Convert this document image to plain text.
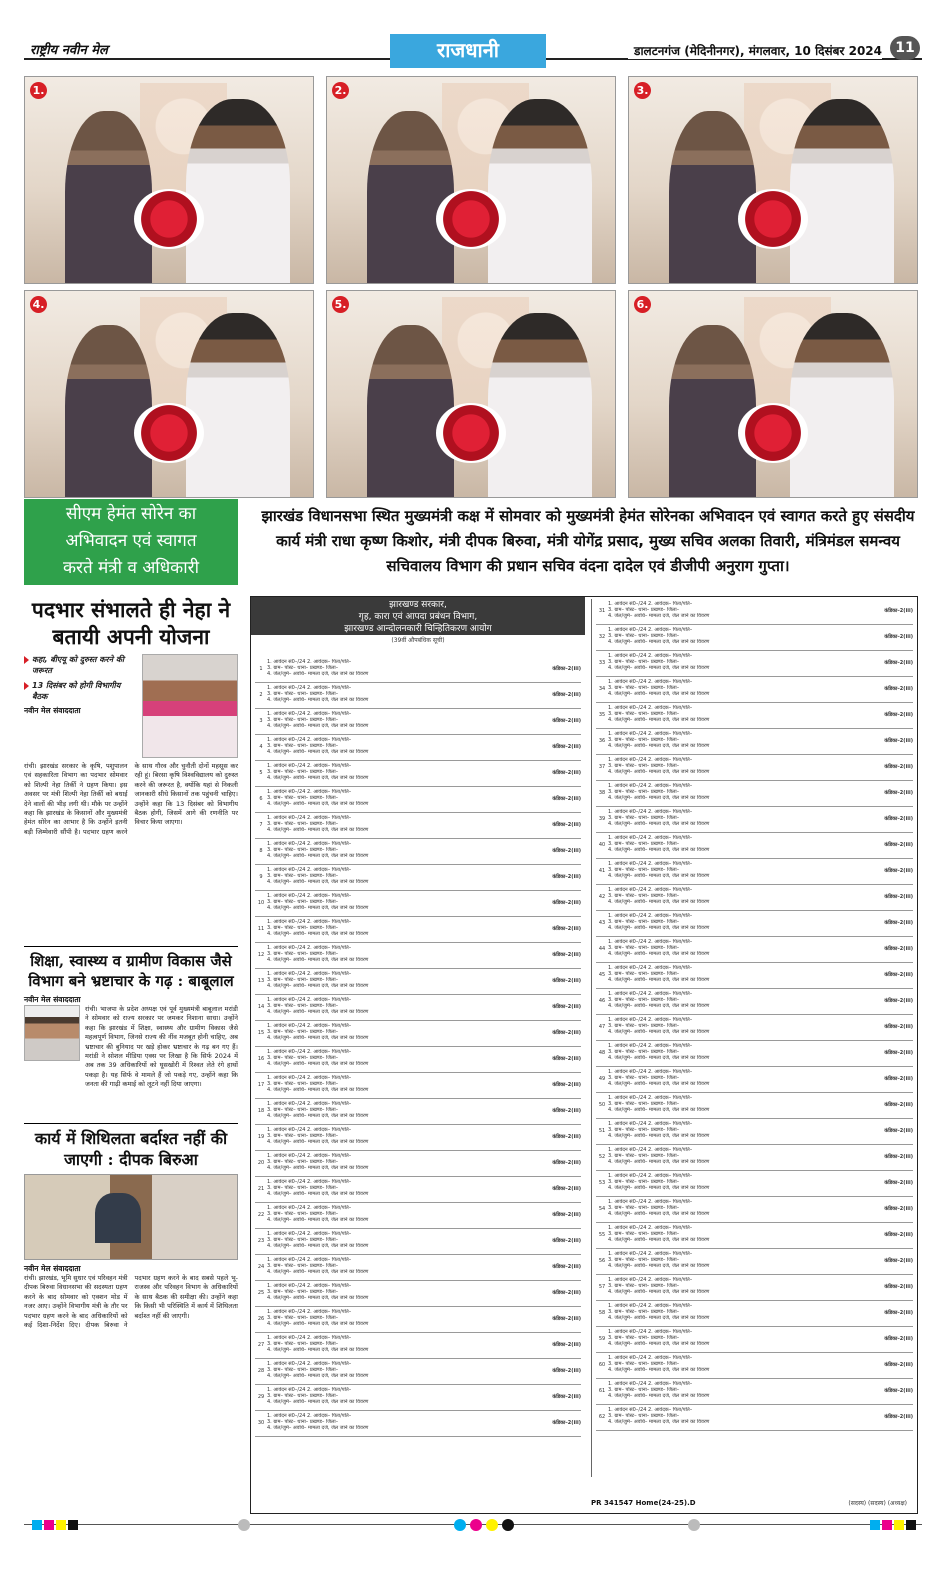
राष्ट्रीय नवीन मेल	राजधानी	डालटनगंज (मेदिनीनगर), मंगलवार, 10 दिसंबर 2024 11
1.	2.	3.
4.	5.	6.
सीएम हेमंत सोरेन का
अभिवादन एवं स्वागत
करते मंत्री व अधिकारी
झारखंड विधानसभा स्थित मुख्यमंत्री कक्ष में सोमवार को मुख्यमंत्री हेमंत सोरेनका अभिवादन एवं स्वागत करते हुए संसदीय कार्य मंत्री राधा कृष्ण किशोर, मंत्री दीपक बिरुवा, मंत्री योगेंद्र प्रसाद, मुख्य सचिव अलका तिवारी, मंत्रिमंडल समन्वय सचिवालय विभाग की प्रधान सचिव वंदना दादेल एवं डीजीपी अनुराग गुप्ता।
पदभार संभालते ही नेहा ने बतायी अपनी योजना
कहा, बीएयू को दुरुस्त करने की जरूरत
13 दिसंबर को होगी विभागीय बैठक
नवीन मेल संवाददाता
रांची। झारखंड सरकार के कृषि, पशुपालन एवं सहकारिता विभाग का पदभार सोमवार को शिल्पी नेहा तिर्की ने ग्रहण किया। इस अवसर पर मंत्री शिल्पी नेहा तिर्की को बधाई देने वालों की भीड़ लगी थी। मौके पर उन्होंने कहा कि झारखंड के किसानों और मुख्यमंत्री हेमंत सोरेन का आभार है कि उन्होंने इतनी बड़ी जिम्मेवारी सौंपी है। पदभार ग्रहण करने के साथ गौरव और चुनौती दोनों महसूस कर रही हूं। बिरसा कृषि विश्वविद्यालय को दुरुस्त करने की जरूरत है, क्योंकि यहां से निकली जानकारी सीधे किसानों तक पहुंचनी चाहिए। उन्होंने कहा कि 13 दिसंबर को विभागीय बैठक होगी, जिसमें आगे की रणनीति पर विचार किया जाएगा।
शिक्षा, स्वास्थ्य व ग्रामीण विकास जैसे विभाग बने भ्रष्टाचार के गढ़ : बाबूलाल
नवीन मेल संवाददाता
रांची। भाजपा के प्रदेश अध्यक्ष एवं पूर्व मुख्यमंत्री बाबूलाल मरांडी ने सोमवार को राज्य सरकार पर जमकर निशाना साधा। उन्होंने कहा कि झारखंड में शिक्षा, स्वास्थ्य और ग्रामीण विकास जैसे महत्वपूर्ण विभाग, जिनसे राज्य की नींव मजबूत होनी चाहिए, अब भ्रष्टाचार की बुनियाद पर खड़े होकर भ्रष्टाचार के गढ़ बन गए हैं। मरांडी ने सोशल मीडिया एक्स पर लिखा है कि सिर्फ 2024 में अब तक 39 अधिकारियों को घूसखोरी में रिश्वत लेते रंगे हाथों पकड़ा है। यह सिर्फ वे मामले हैं जो पकड़े गए, उन्होंने कहा कि जनता की गाढ़ी कमाई को लूटने नहीं दिया जाएगा।
कार्य में शिथिलता बर्दाश्त नहीं की जाएगी : दीपक बिरुआ
नवीन मेल संवाददाता
रांची। झारखंड, भूमि सुधार एवं परिवहन मंत्री दीपक बिरुवा विधानसभा की सदस्यता ग्रहण करने के बाद सोमवार को एक्शन मोड में नजर आए। उन्होंने विभागीय मंत्री के तौर पर पदभार ग्रहण करने के बाद अधिकारियों को कई दिशा-निर्देश दिए। दीपक बिरुवा ने पदभार ग्रहण करने के बाद सबसे पहले भू-राजस्व और परिवहन विभाग के अधिकारियों के साथ बैठक की समीक्षा की। उन्होंने कहा कि किसी भी परिस्थिति में कार्य में शिथिलता बर्दाश्त नहीं की जाएगी।
झारखण्ड सरकार,
गृह, कारा एवं आपदा प्रबंधन विभाग,
झारखण्ड आन्दोलनकारी चिन्हितिकरण आयोग
(39वीं औपबंधिक सूची)
1
1. आवेदन सं0–/24 2. आवेदक– पिता/पति–
3. ग्राम– पोस्ट– थाना– प्रखण्ड– जिला–
4. जेल/जुर्म– अवधि– मामला दर्ज, जेल जाने का विवरण
कंडिका–2(iii)
2
1. आवेदन सं0–/24 2. आवेदक– पिता/पति–
3. ग्राम– पोस्ट– थाना– प्रखण्ड– जिला–
4. जेल/जुर्म– अवधि– मामला दर्ज, जेल जाने का विवरण
कंडिका–2(iii)
3
1. आवेदन सं0–/24 2. आवेदक– पिता/पति–
3. ग्राम– पोस्ट– थाना– प्रखण्ड– जिला–
4. जेल/जुर्म– अवधि– मामला दर्ज, जेल जाने का विवरण
कंडिका–2(iii)
4
1. आवेदन सं0–/24 2. आवेदक– पिता/पति–
3. ग्राम– पोस्ट– थाना– प्रखण्ड– जिला–
4. जेल/जुर्म– अवधि– मामला दर्ज, जेल जाने का विवरण
कंडिका–2(iii)
5
1. आवेदन सं0–/24 2. आवेदक– पिता/पति–
3. ग्राम– पोस्ट– थाना– प्रखण्ड– जिला–
4. जेल/जुर्म– अवधि– मामला दर्ज, जेल जाने का विवरण
कंडिका–2(iii)
6
1. आवेदन सं0–/24 2. आवेदक– पिता/पति–
3. ग्राम– पोस्ट– थाना– प्रखण्ड– जिला–
4. जेल/जुर्म– अवधि– मामला दर्ज, जेल जाने का विवरण
कंडिका–2(iii)
7
1. आवेदन सं0–/24 2. आवेदक– पिता/पति–
3. ग्राम– पोस्ट– थाना– प्रखण्ड– जिला–
4. जेल/जुर्म– अवधि– मामला दर्ज, जेल जाने का विवरण
कंडिका–2(iii)
8
1. आवेदन सं0–/24 2. आवेदक– पिता/पति–
3. ग्राम– पोस्ट– थाना– प्रखण्ड– जिला–
4. जेल/जुर्म– अवधि– मामला दर्ज, जेल जाने का विवरण
कंडिका–2(iii)
9
1. आवेदन सं0–/24 2. आवेदक– पिता/पति–
3. ग्राम– पोस्ट– थाना– प्रखण्ड– जिला–
4. जेल/जुर्म– अवधि– मामला दर्ज, जेल जाने का विवरण
कंडिका–2(iii)
10
1. आवेदन सं0–/24 2. आवेदक– पिता/पति–
3. ग्राम– पोस्ट– थाना– प्रखण्ड– जिला–
4. जेल/जुर्म– अवधि– मामला दर्ज, जेल जाने का विवरण
कंडिका–2(iii)
11
1. आवेदन सं0–/24 2. आवेदक– पिता/पति–
3. ग्राम– पोस्ट– थाना– प्रखण्ड– जिला–
4. जेल/जुर्म– अवधि– मामला दर्ज, जेल जाने का विवरण
कंडिका–2(iii)
12
1. आवेदन सं0–/24 2. आवेदक– पिता/पति–
3. ग्राम– पोस्ट– थाना– प्रखण्ड– जिला–
4. जेल/जुर्म– अवधि– मामला दर्ज, जेल जाने का विवरण
कंडिका–2(iii)
13
1. आवेदन सं0–/24 2. आवेदक– पिता/पति–
3. ग्राम– पोस्ट– थाना– प्रखण्ड– जिला–
4. जेल/जुर्म– अवधि– मामला दर्ज, जेल जाने का विवरण
कंडिका–2(iii)
14
1. आवेदन सं0–/24 2. आवेदक– पिता/पति–
3. ग्राम– पोस्ट– थाना– प्रखण्ड– जिला–
4. जेल/जुर्म– अवधि– मामला दर्ज, जेल जाने का विवरण
कंडिका–2(iii)
15
1. आवेदन सं0–/24 2. आवेदक– पिता/पति–
3. ग्राम– पोस्ट– थाना– प्रखण्ड– जिला–
4. जेल/जुर्म– अवधि– मामला दर्ज, जेल जाने का विवरण
कंडिका–2(iii)
16
1. आवेदन सं0–/24 2. आवेदक– पिता/पति–
3. ग्राम– पोस्ट– थाना– प्रखण्ड– जिला–
4. जेल/जुर्म– अवधि– मामला दर्ज, जेल जाने का विवरण
कंडिका–2(iii)
17
1. आवेदन सं0–/24 2. आवेदक– पिता/पति–
3. ग्राम– पोस्ट– थाना– प्रखण्ड– जिला–
4. जेल/जुर्म– अवधि– मामला दर्ज, जेल जाने का विवरण
कंडिका–2(iii)
18
1. आवेदन सं0–/24 2. आवेदक– पिता/पति–
3. ग्राम– पोस्ट– थाना– प्रखण्ड– जिला–
4. जेल/जुर्म– अवधि– मामला दर्ज, जेल जाने का विवरण
कंडिका–2(iii)
19
1. आवेदन सं0–/24 2. आवेदक– पिता/पति–
3. ग्राम– पोस्ट– थाना– प्रखण्ड– जिला–
4. जेल/जुर्म– अवधि– मामला दर्ज, जेल जाने का विवरण
कंडिका–2(iii)
20
1. आवेदन सं0–/24 2. आवेदक– पिता/पति–
3. ग्राम– पोस्ट– थाना– प्रखण्ड– जिला–
4. जेल/जुर्म– अवधि– मामला दर्ज, जेल जाने का विवरण
कंडिका–2(iii)
21
1. आवेदन सं0–/24 2. आवेदक– पिता/पति–
3. ग्राम– पोस्ट– थाना– प्रखण्ड– जिला–
4. जेल/जुर्म– अवधि– मामला दर्ज, जेल जाने का विवरण
कंडिका–2(iii)
22
1. आवेदन सं0–/24 2. आवेदक– पिता/पति–
3. ग्राम– पोस्ट– थाना– प्रखण्ड– जिला–
4. जेल/जुर्म– अवधि– मामला दर्ज, जेल जाने का विवरण
कंडिका–2(iii)
23
1. आवेदन सं0–/24 2. आवेदक– पिता/पति–
3. ग्राम– पोस्ट– थाना– प्रखण्ड– जिला–
4. जेल/जुर्म– अवधि– मामला दर्ज, जेल जाने का विवरण
कंडिका–2(iii)
24
1. आवेदन सं0–/24 2. आवेदक– पिता/पति–
3. ग्राम– पोस्ट– थाना– प्रखण्ड– जिला–
4. जेल/जुर्म– अवधि– मामला दर्ज, जेल जाने का विवरण
कंडिका–2(iii)
25
1. आवेदन सं0–/24 2. आवेदक– पिता/पति–
3. ग्राम– पोस्ट– थाना– प्रखण्ड– जिला–
4. जेल/जुर्म– अवधि– मामला दर्ज, जेल जाने का विवरण
कंडिका–2(iii)
26
1. आवेदन सं0–/24 2. आवेदक– पिता/पति–
3. ग्राम– पोस्ट– थाना– प्रखण्ड– जिला–
4. जेल/जुर्म– अवधि– मामला दर्ज, जेल जाने का विवरण
कंडिका–2(iii)
27
1. आवेदन सं0–/24 2. आवेदक– पिता/पति–
3. ग्राम– पोस्ट– थाना– प्रखण्ड– जिला–
4. जेल/जुर्म– अवधि– मामला दर्ज, जेल जाने का विवरण
कंडिका–2(iii)
28
1. आवेदन सं0–/24 2. आवेदक– पिता/पति–
3. ग्राम– पोस्ट– थाना– प्रखण्ड– जिला–
4. जेल/जुर्म– अवधि– मामला दर्ज, जेल जाने का विवरण
कंडिका–2(iii)
29
1. आवेदन सं0–/24 2. आवेदक– पिता/पति–
3. ग्राम– पोस्ट– थाना– प्रखण्ड– जिला–
4. जेल/जुर्म– अवधि– मामला दर्ज, जेल जाने का विवरण
कंडिका–2(iii)
30
1. आवेदन सं0–/24 2. आवेदक– पिता/पति–
3. ग्राम– पोस्ट– थाना– प्रखण्ड– जिला–
4. जेल/जुर्म– अवधि– मामला दर्ज, जेल जाने का विवरण
कंडिका–2(iii)
31
1. आवेदन सं0–/24 2. आवेदक– पिता/पति–
3. ग्राम– पोस्ट– थाना– प्रखण्ड– जिला–
4. जेल/जुर्म– अवधि– मामला दर्ज, जेल जाने का विवरण
कंडिका–2(iii)
32
1. आवेदन सं0–/24 2. आवेदक– पिता/पति–
3. ग्राम– पोस्ट– थाना– प्रखण्ड– जिला–
4. जेल/जुर्म– अवधि– मामला दर्ज, जेल जाने का विवरण
कंडिका–2(iii)
33
1. आवेदन सं0–/24 2. आवेदक– पिता/पति–
3. ग्राम– पोस्ट– थाना– प्रखण्ड– जिला–
4. जेल/जुर्म– अवधि– मामला दर्ज, जेल जाने का विवरण
कंडिका–2(iii)
34
1. आवेदन सं0–/24 2. आवेदक– पिता/पति–
3. ग्राम– पोस्ट– थाना– प्रखण्ड– जिला–
4. जेल/जुर्म– अवधि– मामला दर्ज, जेल जाने का विवरण
कंडिका–2(iii)
35
1. आवेदन सं0–/24 2. आवेदक– पिता/पति–
3. ग्राम– पोस्ट– थाना– प्रखण्ड– जिला–
4. जेल/जुर्म– अवधि– मामला दर्ज, जेल जाने का विवरण
कंडिका–2(iii)
36
1. आवेदन सं0–/24 2. आवेदक– पिता/पति–
3. ग्राम– पोस्ट– थाना– प्रखण्ड– जिला–
4. जेल/जुर्म– अवधि– मामला दर्ज, जेल जाने का विवरण
कंडिका–2(iii)
37
1. आवेदन सं0–/24 2. आवेदक– पिता/पति–
3. ग्राम– पोस्ट– थाना– प्रखण्ड– जिला–
4. जेल/जुर्म– अवधि– मामला दर्ज, जेल जाने का विवरण
कंडिका–2(iii)
38
1. आवेदन सं0–/24 2. आवेदक– पिता/पति–
3. ग्राम– पोस्ट– थाना– प्रखण्ड– जिला–
4. जेल/जुर्म– अवधि– मामला दर्ज, जेल जाने का विवरण
कंडिका–2(iii)
39
1. आवेदन सं0–/24 2. आवेदक– पिता/पति–
3. ग्राम– पोस्ट– थाना– प्रखण्ड– जिला–
4. जेल/जुर्म– अवधि– मामला दर्ज, जेल जाने का विवरण
कंडिका–2(iii)
40
1. आवेदन सं0–/24 2. आवेदक– पिता/पति–
3. ग्राम– पोस्ट– थाना– प्रखण्ड– जिला–
4. जेल/जुर्म– अवधि– मामला दर्ज, जेल जाने का विवरण
कंडिका–2(iii)
41
1. आवेदन सं0–/24 2. आवेदक– पिता/पति–
3. ग्राम– पोस्ट– थाना– प्रखण्ड– जिला–
4. जेल/जुर्म– अवधि– मामला दर्ज, जेल जाने का विवरण
कंडिका–2(iii)
42
1. आवेदन सं0–/24 2. आवेदक– पिता/पति–
3. ग्राम– पोस्ट– थाना– प्रखण्ड– जिला–
4. जेल/जुर्म– अवधि– मामला दर्ज, जेल जाने का विवरण
कंडिका–2(iii)
43
1. आवेदन सं0–/24 2. आवेदक– पिता/पति–
3. ग्राम– पोस्ट– थाना– प्रखण्ड– जिला–
4. जेल/जुर्म– अवधि– मामला दर्ज, जेल जाने का विवरण
कंडिका–2(iii)
44
1. आवेदन सं0–/24 2. आवेदक– पिता/पति–
3. ग्राम– पोस्ट– थाना– प्रखण्ड– जिला–
4. जेल/जुर्म– अवधि– मामला दर्ज, जेल जाने का विवरण
कंडिका–2(iii)
45
1. आवेदन सं0–/24 2. आवेदक– पिता/पति–
3. ग्राम– पोस्ट– थाना– प्रखण्ड– जिला–
4. जेल/जुर्म– अवधि– मामला दर्ज, जेल जाने का विवरण
कंडिका–2(iii)
46
1. आवेदन सं0–/24 2. आवेदक– पिता/पति–
3. ग्राम– पोस्ट– थाना– प्रखण्ड– जिला–
4. जेल/जुर्म– अवधि– मामला दर्ज, जेल जाने का विवरण
कंडिका–2(iii)
47
1. आवेदन सं0–/24 2. आवेदक– पिता/पति–
3. ग्राम– पोस्ट– थाना– प्रखण्ड– जिला–
4. जेल/जुर्म– अवधि– मामला दर्ज, जेल जाने का विवरण
कंडिका–2(iii)
48
1. आवेदन सं0–/24 2. आवेदक– पिता/पति–
3. ग्राम– पोस्ट– थाना– प्रखण्ड– जिला–
4. जेल/जुर्म– अवधि– मामला दर्ज, जेल जाने का विवरण
कंडिका–2(iii)
49
1. आवेदन सं0–/24 2. आवेदक– पिता/पति–
3. ग्राम– पोस्ट– थाना– प्रखण्ड– जिला–
4. जेल/जुर्म– अवधि– मामला दर्ज, जेल जाने का विवरण
कंडिका–2(iii)
50
1. आवेदन सं0–/24 2. आवेदक– पिता/पति–
3. ग्राम– पोस्ट– थाना– प्रखण्ड– जिला–
4. जेल/जुर्म– अवधि– मामला दर्ज, जेल जाने का विवरण
कंडिका–2(iii)
51
1. आवेदन सं0–/24 2. आवेदक– पिता/पति–
3. ग्राम– पोस्ट– थाना– प्रखण्ड– जिला–
4. जेल/जुर्म– अवधि– मामला दर्ज, जेल जाने का विवरण
कंडिका–2(iii)
52
1. आवेदन सं0–/24 2. आवेदक– पिता/पति–
3. ग्राम– पोस्ट– थाना– प्रखण्ड– जिला–
4. जेल/जुर्म– अवधि– मामला दर्ज, जेल जाने का विवरण
कंडिका–2(iii)
53
1. आवेदन सं0–/24 2. आवेदक– पिता/पति–
3. ग्राम– पोस्ट– थाना– प्रखण्ड– जिला–
4. जेल/जुर्म– अवधि– मामला दर्ज, जेल जाने का विवरण
कंडिका–2(iii)
54
1. आवेदन सं0–/24 2. आवेदक– पिता/पति–
3. ग्राम– पोस्ट– थाना– प्रखण्ड– जिला–
4. जेल/जुर्म– अवधि– मामला दर्ज, जेल जाने का विवरण
कंडिका–2(iii)
55
1. आवेदन सं0–/24 2. आवेदक– पिता/पति–
3. ग्राम– पोस्ट– थाना– प्रखण्ड– जिला–
4. जेल/जुर्म– अवधि– मामला दर्ज, जेल जाने का विवरण
कंडिका–2(iii)
56
1. आवेदन सं0–/24 2. आवेदक– पिता/पति–
3. ग्राम– पोस्ट– थाना– प्रखण्ड– जिला–
4. जेल/जुर्म– अवधि– मामला दर्ज, जेल जाने का विवरण
कंडिका–2(iii)
57
1. आवेदन सं0–/24 2. आवेदक– पिता/पति–
3. ग्राम– पोस्ट– थाना– प्रखण्ड– जिला–
4. जेल/जुर्म– अवधि– मामला दर्ज, जेल जाने का विवरण
कंडिका–2(iii)
58
1. आवेदन सं0–/24 2. आवेदक– पिता/पति–
3. ग्राम– पोस्ट– थाना– प्रखण्ड– जिला–
4. जेल/जुर्म– अवधि– मामला दर्ज, जेल जाने का विवरण
कंडिका–2(iii)
59
1. आवेदन सं0–/24 2. आवेदक– पिता/पति–
3. ग्राम– पोस्ट– थाना– प्रखण्ड– जिला–
4. जेल/जुर्म– अवधि– मामला दर्ज, जेल जाने का विवरण
कंडिका–2(iii)
60
1. आवेदन सं0–/24 2. आवेदक– पिता/पति–
3. ग्राम– पोस्ट– थाना– प्रखण्ड– जिला–
4. जेल/जुर्म– अवधि– मामला दर्ज, जेल जाने का विवरण
कंडिका–2(iii)
61
1. आवेदन सं0–/24 2. आवेदक– पिता/पति–
3. ग्राम– पोस्ट– थाना– प्रखण्ड– जिला–
4. जेल/जुर्म– अवधि– मामला दर्ज, जेल जाने का विवरण
कंडिका–2(iii)
62
1. आवेदन सं0–/24 2. आवेदक– पिता/पति–
3. ग्राम– पोस्ट– थाना– प्रखण्ड– जिला–
4. जेल/जुर्म– अवधि– मामला दर्ज, जेल जाने का विवरण
कंडिका–2(iii)
PR 341547 Home(24-25).D	(सदस्य) (सदस्य) (अध्यक्ष)
